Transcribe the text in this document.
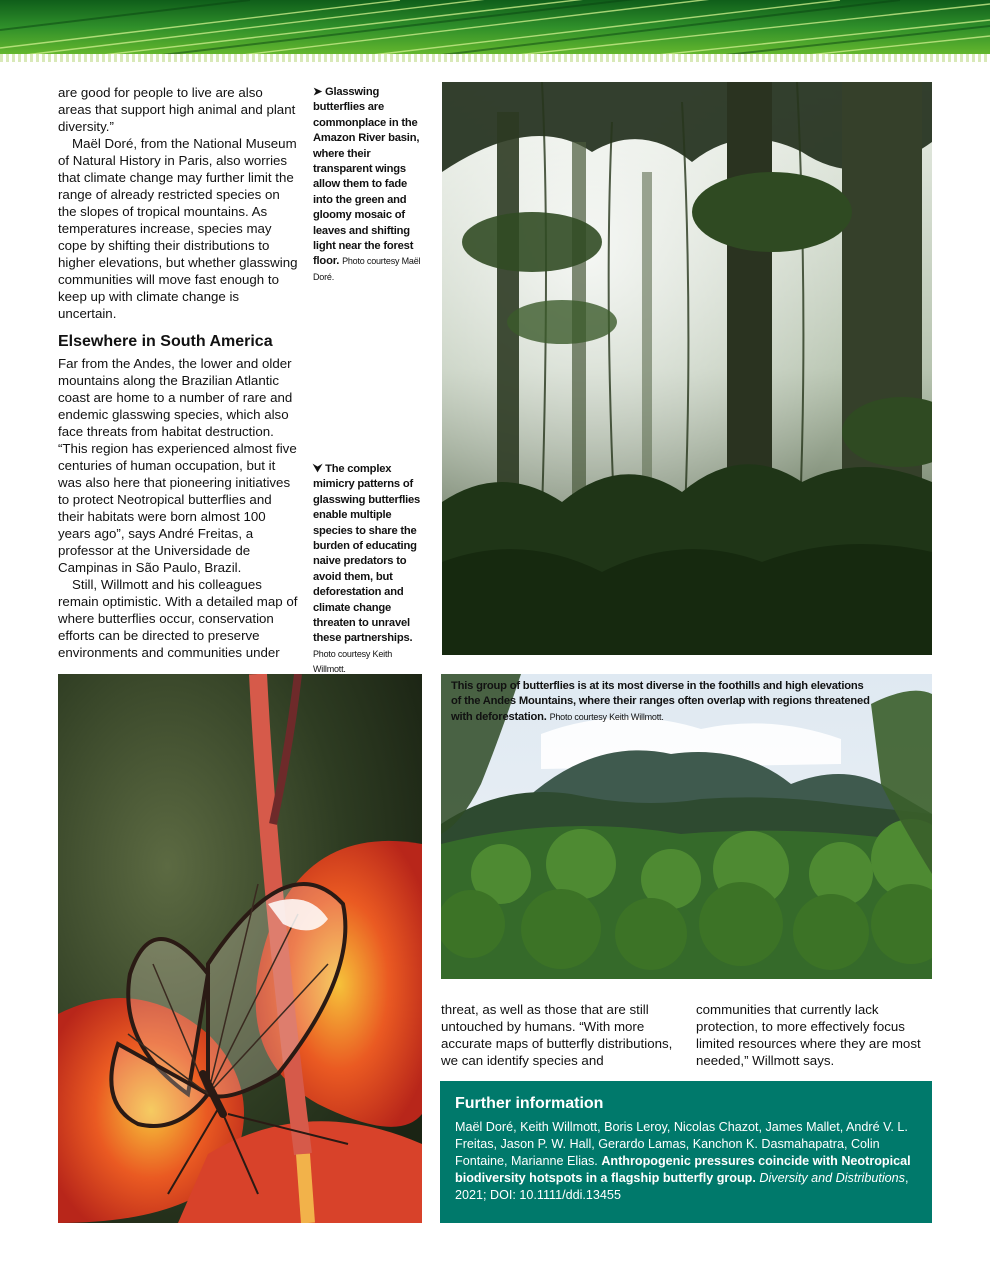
are good for people to live are also areas that support high animal and plant diversity.”

Maël Doré, from the National Museum of Natural History in Paris, also worries that climate change may further limit the range of already restricted species on the slopes of tropical mountains. As temperatures increase, species may cope by shifting their distributions to higher elevations, but whether glasswing communities will move fast enough to keep up with climate change is uncertain.

Elsewhere in South America

Far from the Andes, the lower and older mountains along the Brazilian Atlantic coast are home to a number of rare and endemic glasswing species, which also face threats from habitat destruction. “This region has experienced almost five centuries of human occupation, but it was also here that pioneering initiatives to protect Neotropical butterflies and their habitats were born almost 100 years ago”, says André Freitas, a professor at the Universidade de Campinas in São Paulo, Brazil.

Still, Willmott and his colleagues remain optimistic. With a detailed map of where butterflies occur, conservation efforts can be directed to preserve environments and communities under

➤ Glasswing butterflies are commonplace in the Amazon River basin, where their transparent wings allow them to fade into the green and gloomy mosaic of leaves and shifting light near the forest floor. Photo courtesy Maël Doré.
⮟ The complex mimicry patterns of glasswing butterflies enable multiple species to share the burden of educating naive predators to avoid them, but deforestation and climate change threaten to unravel these partnerships. Photo courtesy Keith Willmott.
This group of butterflies is at its most diverse in the foothills and high elevations of the Andes Mountains, where their ranges often overlap with regions threatened with deforestation. Photo courtesy Keith Willmott.

threat, as well as those that are still untouched by humans. “With more accurate maps of butterfly distributions, we can identify species and

communities that currently lack protection, to more effectively focus limited resources where they are most needed,” Willmott says.

Further information
Maël Doré, Keith Willmott, Boris Leroy, Nicolas Chazot, James Mallet, André V. L. Freitas, Jason P. W. Hall, Gerardo Lamas, Kanchon K. Dasmahapatra, Colin Fontaine, Marianne Elias. Anthropogenic pressures coincide with Neotropical biodiversity hotspots in a flagship butterfly group. Diversity and Distributions, 2021; DOI: 10.1111/ddi.13455
